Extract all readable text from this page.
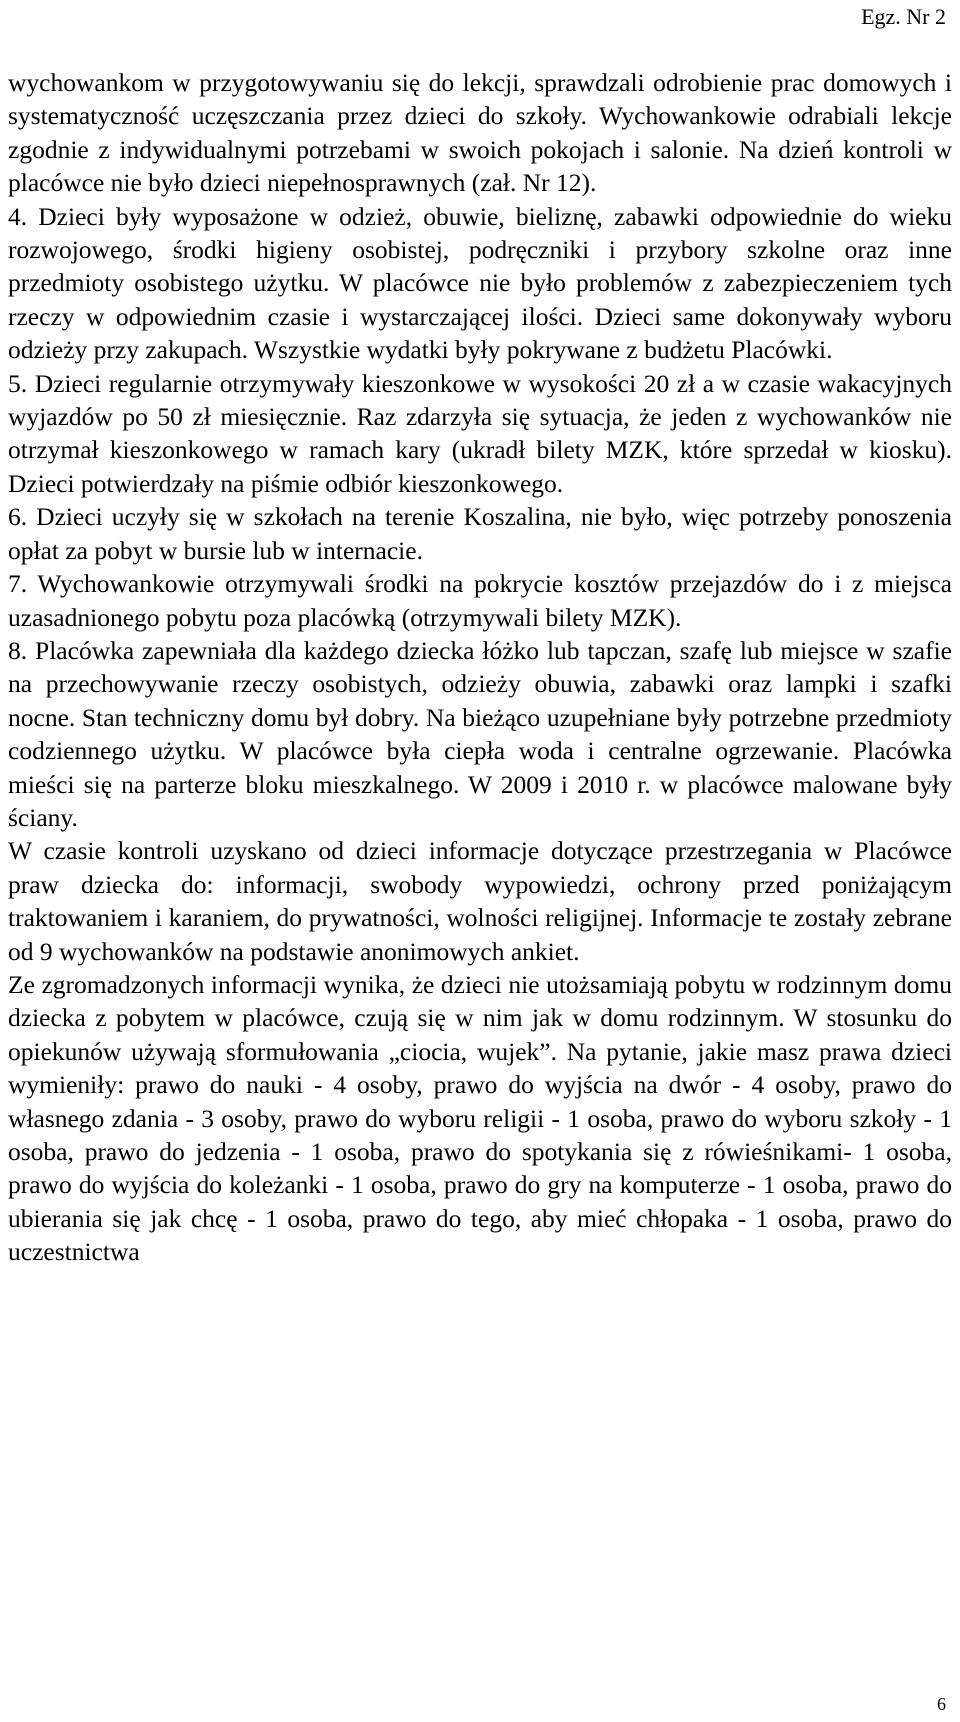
Egz. Nr 2

wychowankom w przygotowywaniu się do lekcji, sprawdzali odrobienie prac domowych i systematyczność uczęszczania przez dzieci do szkoły. Wychowankowie odrabiali lekcje zgodnie z indywidualnymi potrzebami w swoich pokojach i salonie. Na dzień kontroli w placówce nie było dzieci niepełnosprawnych (zał. Nr 12).

4. Dzieci były wyposażone w odzież, obuwie, bieliznę, zabawki odpowiednie do wieku rozwojowego, środki higieny osobistej, podręczniki i przybory szkolne oraz inne przedmioty osobistego użytku. W placówce nie było problemów z zabezpieczeniem tych rzeczy w odpowiednim czasie i wystarczającej ilości. Dzieci same dokonywały wyboru odzieży przy zakupach. Wszystkie wydatki były pokrywane z budżetu Placówki.

5. Dzieci regularnie otrzymywały kieszonkowe w wysokości 20 zł a w czasie wakacyjnych wyjazdów po 50 zł miesięcznie. Raz zdarzyła się sytuacja, że jeden z wychowanków nie otrzymał kieszonkowego w ramach kary (ukradł bilety MZK, które sprzedał w kiosku). Dzieci potwierdzały na piśmie odbiór kieszonkowego.

6. Dzieci uczyły się w szkołach na terenie Koszalina, nie było, więc potrzeby ponoszenia opłat za pobyt w bursie lub w internacie.

7. Wychowankowie otrzymywali środki na pokrycie kosztów przejazdów do i z miejsca uzasadnionego pobytu poza placówką (otrzymywali bilety MZK).

8. Placówka zapewniała dla każdego dziecka łóżko lub tapczan, szafę lub miejsce w szafie na przechowywanie rzeczy osobistych, odzieży obuwia, zabawki oraz lampki i szafki nocne. Stan techniczny domu był dobry. Na bieżąco uzupełniane były potrzebne przedmioty codziennego użytku. W placówce była ciepła woda i centralne ogrzewanie. Placówka mieści się na parterze bloku mieszkalnego. W 2009 i 2010 r. w placówce malowane były ściany.

W czasie kontroli uzyskano od dzieci informacje dotyczące przestrzegania w Placówce praw dziecka do: informacji, swobody wypowiedzi, ochrony przed poniżającym traktowaniem i karaniem, do prywatności, wolności religijnej. Informacje te zostały zebrane od 9 wychowanków na podstawie anonimowych ankiet.

Ze zgromadzonych informacji wynika, że dzieci nie utożsamiają pobytu w rodzinnym domu dziecka z pobytem w placówce, czują się w nim jak w domu rodzinnym. W stosunku do opiekunów używają sformułowania „ciocia, wujek”. Na pytanie, jakie masz prawa dzieci wymieniły: prawo do nauki - 4 osoby, prawo do wyjścia na dwór - 4 osoby, prawo do własnego zdania - 3 osoby, prawo do wyboru religii - 1 osoba, prawo do wyboru szkoły - 1 osoba, prawo do jedzenia - 1 osoba, prawo do spotykania się z rówieśnikami- 1 osoba, prawo do wyjścia do koleżanki - 1 osoba, prawo do gry na komputerze - 1 osoba, prawo do ubierania się jak chcę - 1 osoba, prawo do tego, aby mieć chłopaka - 1 osoba, prawo do uczestnictwa

6
